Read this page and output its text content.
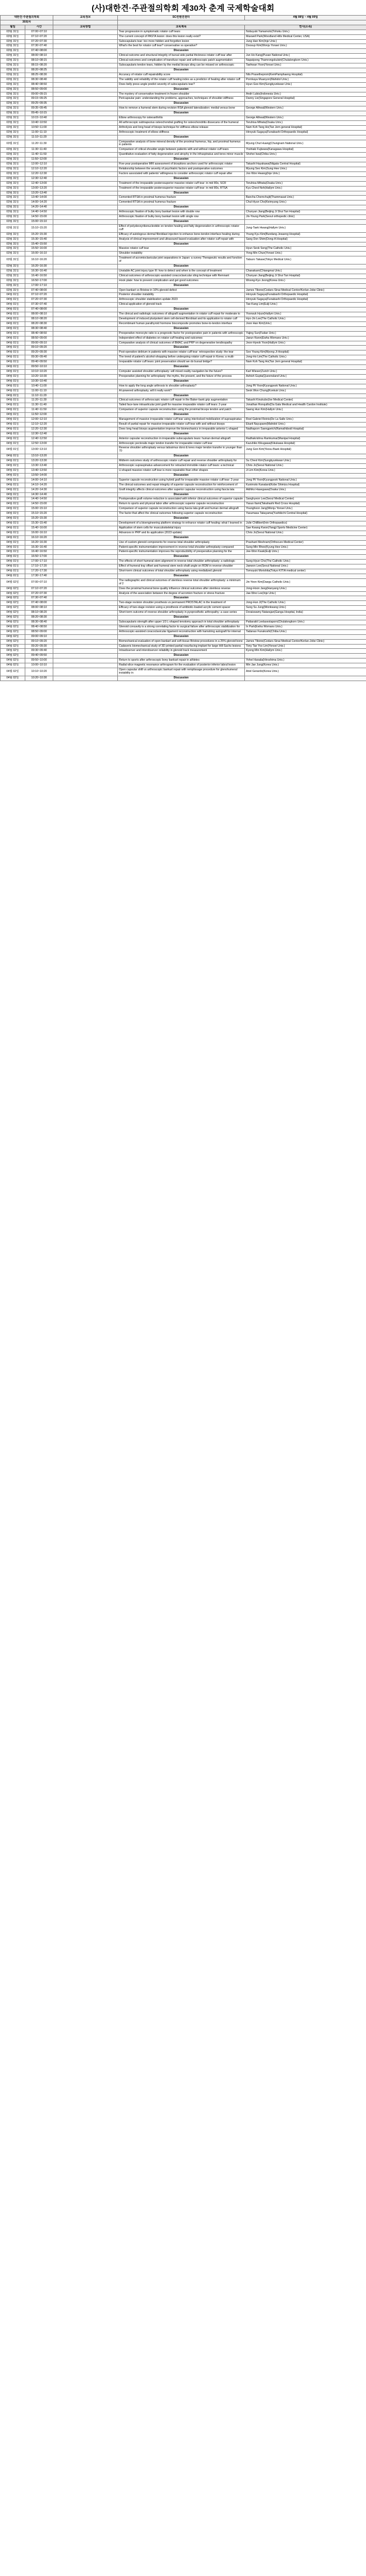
(사)대한견·주관절의학회 제30차 춘계 국제학술대회
대한견·주관절의학회		교육정보	SC컨벤션센터	4월 08일 ~ 4월 09일
30회차				
월일	시간	교육방법	교육제목	연사(소속)
03월 31일	07:00~07:10		Tear progression in symptomatic rotator cuff tears	Nobuyuki Yamamoto(Tohoku Univ.)
03월 31일	07:10~07:20		The current concept of PASTA lesion: does this lesion really exist?	Maxwell Park(Woodland Hills Medical Center, USA)
03월 31일	07:20~07:30		Subscapularis tear: too more hidden and forgotten lesion	Jung Han Kim(Inje Univ.)
03월 31일	07:30~07:40		What's the best for rotator cuff tear? conservative vs operative?	Doosup Kim(Wonju Yonsei Univ.)
03월 31일	07:40~08:00		Discussion	
03월 31일	08:00~08:10		Clinical outcome and structural integrity of bursal side partial thickness rotator cuff tear after	Jun Ho Kang(Pusan National Univ.)
03월 31일	08:10~08:15		Clinical outcomes and complication of transfuse repair and arthroscopic patch augmentation	Napatpong Thamrongskulsiri(Chulalongkorn Univ.)
03월 31일	08:15~08:20		Subscapularis tendon tears, hidden by the medial biceps sling can be missed on arthroscopic	Taehwan Yoon(Yonsei Univ.)
03월 31일	08:20~08:25		Discussion	
03월 31일	08:25~08:30		Accuracy of rotator cuff repairability score	Nils Prasetheprom(KemPamphaeng Hospital)
03월 31일	08:30~08:40		The validity and reliability of the rotator cuff healing index as a predictor of healing after rotator cuff	Pornkaya Muanyon(Mahidol Univ.)
03월 31일	08:40~08:50		Does belly press angle predict severity of subscapularis tear?	Hyun Goo Kim(Sungkyunkwan Univ.)
03월 31일	08:50~09:00		Discussion	
03월 31일	09:00~09:15		The mystery of conservative treatment in frozen shoulder	Andri Lubis(Indonesia Univ.)
03월 31일	09:15~09:25		Pericapsular pain: understanding the problems, approaches, techniques of shoulder stiffness	Danny Lie(Singapore General Hospital)
03월 31일	09:25~09:35		Discussion	
03월 31일	09:35~09:45		How to remove a humeral stem during revision RSA glenoid lateralization: medial versus bone	George Athwal(Western Univ.)
03월 31일	09:45~10:15		Discussion	
03월 31일	10:15~10:40		Elbow arthroscopy for osteoarthritis	George Athwal(Western Univ.)
03월 31일	10:40~10:50		All arthroscopic subtrapezius osteochondral grafting for osteochondritis dissecans of the humeral	Teruhisa Mihata(Osaka Univ.)
03월 31일	10:50~11:00		Arthrolysis and long head of biceps technique for stiffness elbow release	Nam Koh Tang Ho(Tan Jem general Hospital)
03월 31일	11:00~11:10		Arthroscopic treatment of elbow stiffness	Hiroyuki Sugaya(Funabashi Orthopaedic Hospital)
03월 31일	11:10~11:20		Discussion	
03월 31일	11:20~11:30		Comparative analysis of bone mineral density of the proximal humerus, hip, and proximal humerus in patients	Myung Chul Huang(Chungnam National Univ.)
03월 31일	11:30~11:40		Comparison of critical shoulder angle between patients with and without rotator cuff tears	Yoshiaki Fujiwara(Kanagawa Hospital)
03월 31일	11:40~11:50		Quantitative evaluation of fatty degeneration and atrophy in the infraspinatus and teres minor muscle	Shohei Iwai(Chiba Univ.)
03월 31일	11:50~12:00		Discussion	
03월 31일	12:00~12:10		Five-year postoperative MRI assessment of biceptions anchors used for arthroscopic rotator	Takashi Hayakawa(Niigata Central Hospital)
03월 31일	12:10~12:20		Relationship between the severity of psychiatric factors and postoperative outcomes	Myung Seo Kim(Sung Hee Univ.)
03월 31일	12:20~12:30		Factors associated with patients' willingness to consider arthroscopic rotator cuff repair after	Joo Won Hwang(Inje Univ.)
03월 31일	12:30~12:40		Discussion	
03월 31일	12:40~13:00		Treatment of the irreparable posterosuperior massive rotator cuff tear: in mid 80s, SCR	Teruhisa Mihata(Osaka Univ.)
03월 31일	13:00~13:20		Treatment of the irreparable posterosuperior massive rotator cuff tear: in mid 80s, RTSA	Kyu Cheol Noh(Hallym Univ.)
03월 31일	13:20~13:40		Discussion	
03월 31일	13:40~14:00		Cemented RTSA in proximal humerus fracture	Bancha Chernchujit(Thammasat Univ.)
03월 31일	14:00~14:20		Cemented RTSA in proximal humerus fracture	Chul-Hyun Cho(Keimyung Univ.)
03월 31일	14:20~14:40		Discussion	
03월 31일	14:40~14:50		Arthroscopic fixation of bulky bony bankart lesion with double row	Chunyan Jiang(Beijing Ji Shui Tan Hospital)
03월 31일	14:50~15:00		Arthroscopic fixation of bulky bony bankart lesion with single row	Jin-Young Park(Seoul orthopedic clinic)
03월 31일	15:00~15:10		Discussion	
03월 31일	15:10~15:20		Effect of polydeoxyribonucleotide on tendon healing and fatty degeneration in arthroscopic rotator cuff	Jung-Taek Hwang(Hallym Univ.)
03월 31일	15:20~15:30		Efficacy of autologous dermal fibroblast injection to enhance bone-tendon interface healing during	Young Kyu Kim(Bundang Jesaeng Hospital)
03월 31일	15:30~15:40		Analysis of clinical improvement and ultrasound based evaluation after rotator cuff repair with	Sang Don Shim(Dong-A Hospital)
03월 31일	15:40~15:50		Discussion	
03월 31일	15:50~16:00		Massive rotator cuff tear	Hyun Seok Song(The Catholic Univ.)
03월 31일	16:00~16:10		Shoulder instability	Yong Min Chun(Yonsei Univ.)
03월 31일	16:10~16:20		Treatment of acromioclavicular joint separations in Japan: a survey Therapeutic results and function of	Tatsuro Takase(Tokyo Medical Univ.)
03월 31일	16:20~16:30		Discussion	
03월 31일	16:30~16:40		Unstable AC joint injury type III: how to detect and when is the concept of treatment	Chanakarn(Chiangmai Univ.)
03월 31일	16:40~16:50		Clinical outcomes of arthroscopic-assisted coracoclavicular sling technique with Remnant	Chunyan Jiang(Beijing Ji Shui Tan Hospital)
03월 31일	16:50~17:00		Hook plate: how to prevent complication and get good outcomes	Woong-Kyo Jeong(Korea Univ.)
03월 31일	17:00~17:10		Discussion	
03월 31일	07:40~08:00		Open bankart vs Bristow in 10% glenoid defect	James Tibone(Cedars-Sinai Medical Center/Kerlan-Jobe Clinic)
04월 01일	07:10~07:20		Posterior shoulder instability	Hiroyuki Sugaya(Funabashi Orthopaedic Hospital)
04월 01일	07:20~07:30		Arthroscopic shoulder stabilization update 2023	Hiroyuki Sugaya(Funabashi Orthopaedic Hospital)
04월 01일	07:30~07:40		Clinical application of glenoid track	Tae-Kang Lim(Eulji Univ.)
04월 01일	07:40~08:00		Discussion	
04월 01일	08:00~08:10		The clinical and radiologic outcomes of allograft augmentation in rotator cuff repair for moderate to	Yoonsuk Hyun(Hallym Univ.)
04월 01일	08:10~08:20		Development of induced pluripotent stem cell-derived fibroblast and its application to rotator cuff	Hyo-Jin Lee(The Catholic Univ.)
04월 01일	08:20~08:30		Recombinant human parathyroid hormone biocomposite promotes bone-to-tendon interface	Joon Han Kim(Univ.)
04월 01일	08:30~08:40		Discussion	
04월 01일	08:40~08:50		Preoperative monocyte ratio is a prognostic factor for postoperative pain in patients with arthroscopic	Yajing Sun(Fudan Univ.)
04월 01일	08:50~09:00		Independent effect of diabetes on rotator cuff healing and outcomes	Jaeun Kwon(Ewha Womans Univ.)
04월 01일	09:00~09:10		Comparative analysis of clinical outcomes of BMAC and PRP on degenerative tendinopathy	Jeon-Hyeok Yoon(Hallym Univ.)
04월 01일	09:10~09:20		Discussion	
04월 01일	09:20~09:30		Post-operative delirium in patients with massive rotator cuff tear: retrospective study: the tear	Soo Young Kim(Myong Ji Hospital)
04월 01일	09:30~09:40		The trend of patient's alcohol-shopping before undergoing rotator cuff repair in Korea: a multi-	Jong-Ho Lim(The Catholic Univ.)
04월 01일	09:40~09:50		Irreparable rotator cuff tears: joint preservation should we do bursal bridge?	Nam Koh Tang Ho(Tan Jem general Hospital)
04월 01일	09:50~10:10		Discussion	
04월 01일	10:10~10:20		Computer assisted shoulder arthroplasty: will mixed reality navigation be the future?	Karl Wieser(Zurich Univ.)
04월 01일	10:20~10:30		Preoperative planning for arthroplasty: the myths, the present, and the future of the process	Ashish Gupta(Queensland Univ.)
04월 01일	10:30~10:40		Discussion	
04월 01일	10:40~11:00		How to apply the long angle arthrosis to shoulder arthroplasty?	Jong Pil Yoon(Kyungpook National Univ.)
04월 01일	11:00~11:10		AI-powered arthroplasty, will it really work?	Seok Won Chung(Konkuk Univ.)
04월 01일	11:10~11:20		Discussion	
04월 01일	11:20~11:30		Clinical outcomes of arthroscopic rotator cuff repair in the Baker-bank grip augmentation	Takashi Kinukubo(Ise Medical Center)
04월 01일	11:30~11:40		Tailed face-lane intraarticular joint graft for massive irreparable rotator cuff tears: 2-year	Jonathan Ronquillo(Da Gala Medical and Health Cardon Institute)
04월 01일	11:40~11:50		Comparison of superior capsule reconstruction using the proximal biceps tendon and patch	Saeng Hun Kim(Hallym Univ.)
04월 01일	11:50~12:00		Discussion	
04월 01일	12:00~12:10		Management of massive irreparable rotator cuff tear using interlocked mobilization of supraspinatus	Roel Gabriel Reinis(De La Salle Univ.)
04월 01일	12:10~12:20		Result of partial repair for massive irreparable rotator cuff tear with and without biceps	Ekarit Nayupann(Mahidol Univ.)
04월 01일	12:20~12:30		Does long head biceps augmentation improve the biomechanics in irreparable anterior L-shaped	Nadhaporn Saengpetch(Ramathibodi Hospital)
04월 01일	12:30~12:40		Discussion	
04월 01일	12:40~12:50		Anterior capsular reconstruction in irreparable subscapularis tears: human dermal allograft	Radhakrishna Ramkumar(Manipal Hospital)
04월 01일	12:50~13:00		Arthroscopic pectoralis major tendon transfer for irreparable rotator cuff tear	Kazuhiko Kikugawa(Kikukawa Hospital)
04월 01일	13:00~13:10		Reverse shoulder arthroplasty versus latissimus dorsi & teres major tendon transfer in younger than 70	Jung Gon Kim(Yeosu Baek Hospital)
04월 01일	13:10~13:20		Discussion	
04월 01일	13:20~13:30		Midterm outcomes study of arthroscopic rotator cuff repair and reverse shoulder arthroplasty for	Su Cheol Kim(Sungkyunkwan Univ.)
04월 01일	13:30~13:40		Arthroscopic supraspinatus advancement for retracted immobile rotator cuff tears: a technical	Chris Jo(Seoul National Univ.)
04월 01일	13:40~13:50		U-shaped massive rotator cuff tear is more repairable than other shapes	Ji Lim Kim(Korea Univ.)
04월 01일	13:50~14:00		Discussion	
04월 01일	14:00~14:10		Superior capsule reconstruction using hybrid graft for irreparable massive rotator cuff tear: 2-year	Jong Pil Yoon(Kyungpook National Univ.)
04월 01일	14:10~14:20		The clinical outcomes and repair integrity of superior capsule reconstruction for reinforcement of	Kunimoto Kanatani(Kobe Shimizu Hospital)
04월 01일	14:20~14:30		Graft integrity affects clinical outcomes after superior capsular reconstruction using fascia lata	Akihiko Hasegawa(Osaka Univ.)
04월 01일	14:30~14:40		Discussion	
04월 01일	14:40~14:50		Postoperative graft volume reduction is associated with inferior clinical outcomes of superior capsule	Sanghyeon Lee(Seoul Medical Center)
04월 01일	14:50~15:00		Return to sports and physical labor after arthroscopic superior capsule reconstruction	Yasuo Itami(Takahashi Red Cross Hospital)
04월 01일	15:00~15:10		Comparison of superior capsule reconstruction using fascia lata graft and human dermal allograft	Younghoon Jang(Wonju Yonsei Univ.)
04월 01일	15:10~15:20		The factor that affect the clinical outcomes following superior capsule reconstruction	Yasumasa Takayama(Yushikichi Central Hospital)
04월 01일	15:20~15:30		Discussion	
04월 01일	15:30~15:40		Development of a bioengineering platform strategy to enhance rotator cuff healing: what I learned in	Julie Chillibert(Inin Orthopaedics)
04월 01일	15:40~16:00		Application of stem cells for musculoskeletal injury	Sae Kwang Kwon(Yangji Sports Medicine Center)
04월 01일	16:00~16:10		Advances in PRP and its application (2023 update)	Chris Jo(Seoul National Univ.)
04월 01일	16:10~16:20		Discussion	
04월 01일	16:20~16:30		Use of custom glenoid components for reverse total shoulder arthroplasty	Prashant Meshram(Orthocure Medical Center)
04월 01일	16:30~16:40		Patient-specific instrumentation improvement in reverse total shoulder arthroplasty compared	Sung-Min Rhee(Kyung Hee Univ.)
04월 01일	16:40~16:50		Patient-specific instrumentation improves the reproducibility of preoperative planning for the	Jee-Won Kwak(Eulji Univ.)
04월 01일	16:50~17:00		Discussion	
04월 01일	17:00~17:10		The effects of short humeral stem alignment in reverse total shoulder arthroplasty: a radiologic	Sung-Hyun Cho(The Catholic Univ.)
04월 01일	17:10~17:20		Effect of humeral tray offset and humeral stem neck-shaft angle on ROM in reverse shoulder	Jaewon Lee(Seoul National Univ.)
04월 01일	17:20~17:30		Short-term clinical outcomes of total shoulder arthroplasty using medialized glenoid	Tomoyuki Morishita(Tokyo KITIA medical center)
04월 01일	17:30~17:40		Discussion	
04월 02일	07:00~07:10		The radiographic and clinical outcomes of stemless reverse total shoulder arthroplasty: a minimum of 2	Jin-Yeon Kim(Daegu Catholic Univ.)
04월 02일	07:10~07:20		Does the proximal humeral bone quality influence clinical outcomes after stemless reverse	Jong-Hoon Jang(Hanyang Univ.)
04월 02일	07:20~07:30		Analysis of the association between the degree of acromion fracture or stress fracture	Jae-Woo Lee(Inje Univ.)
04월 02일	07:30~07:40		Discussion	
04월 02일	07:40~08:00		Two-stage revision shoulder prosthesis vs permanent PROSTALAC in the treatment of	Jong-Hun Ji(The Catholic Univ.)
04월 02일	08:00~08:10		Efficacy of two-stage revision using a prosthesis of antibiotic-loaded acrylic cement spacer	Sung Su Jung(Wonkwang Univ.)
04월 02일	08:10~08:20		Short-term outcome of reverse shoulder arthroplasty in pyoprosthetic arthropathy: a case series	Doraiswamy Natarajan(Ganga Hospital, India)
04월 02일	08:20~08:30		Discussion	
04월 02일	08:30~08:40		Subscapularis strength after upper 1/3 L-shaped tenotomy approach in total shoulder arthroplasty	Pattarakit Leelasestaporn(Chulalongkorn Univ.)
04월 02일	08:40~08:50		Glenoid concavity is a strong correlating factor to surgical failure after arthroscopic stabilization for	In Park(Ewha Womans Univ.)
04월 02일	08:50~09:00		Arthroscopic-assisted coracoclavicular ligament reconstruction with hamstring autograft for internal	Tadanao Funakoshi(Chiba Univ.)
04월 02일	09:00~09:10		Discussion	
04월 02일	09:10~09:20		Biomechanical evaluation of open bankart and soft tissue Bristow procedures in a 25% glenoid bone	James Tibone(Cedars-Sinai Medical Center/Kerlan-Jobe Clinic)
04월 02일	09:20~09:30		Cadaveric biomechanical study of 3D printed partial resurfacing implant for large Hill-Sachs lesions	Tony Tae Yoo Lim(Yonsei Univ.)
04월 02일	09:30~09:40		Intraobserver and interobserver reliability in glenoid track measurement	Kyong Min Kim(Hallym Univ.)
04월 02일	09:40~09:50		Discussion	
04월 02일	09:50~10:00		Return to sports after arthroscopic bony bankart repair in athletes	Yohei Harada(Hiroshima Univ.)
04월 02일	10:00~10:10		Radial-slice magnetic resonance arthrogram for the evaluation of posterior inferior labral lesion	Min Jae Jung(Korea Univ.)
04월 02일	10:10~10:20		Open capsular shift vs arthroscopic bankart repair with remplissage procedure for glenohumeral instability in	Ariel Gerardo(Korea Univ.)
04월 02일	10:20~10:30		Discussion	
